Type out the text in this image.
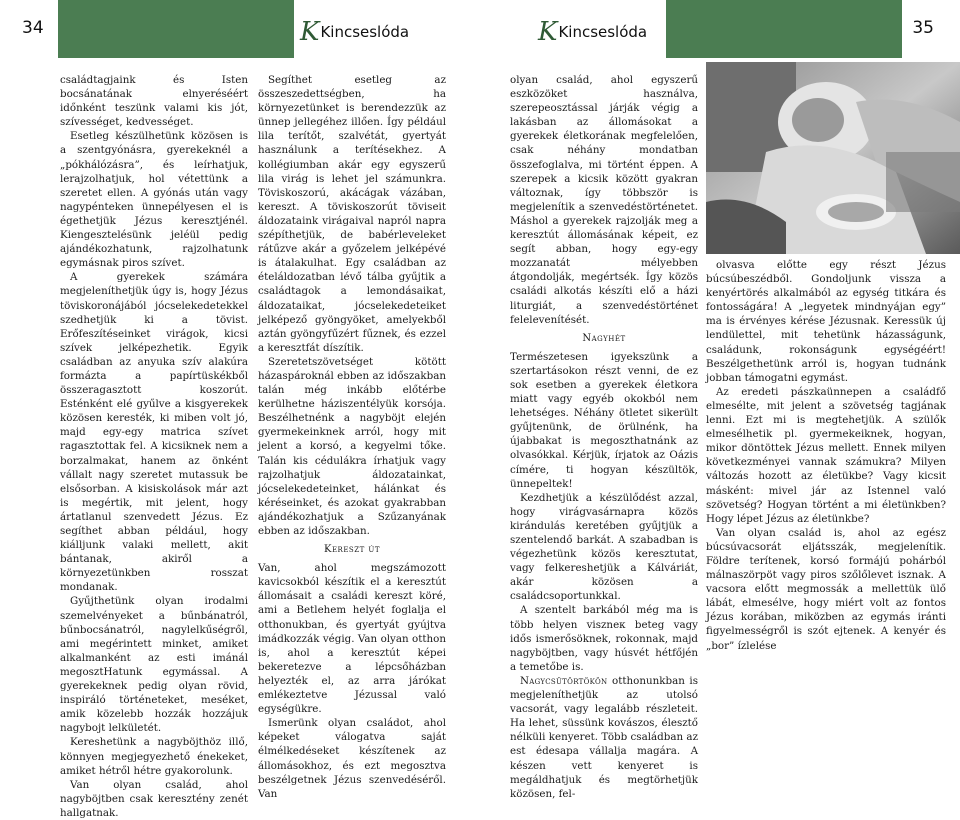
34	KKincseslóda	KKincseslóda	35

családtagjaink és Isten bocsánatának elnyeréséért időnként teszünk valami kis jót, szívességet, kedvességet.

Esetleg készülhetünk közösen is a szentgyónásra, gyerekeknél a „pókhálózásra”, és leírhatjuk, lerajzolhatjuk, hol vétettünk a szeretet ellen. A gyónás után vagy nagypénteken ünnepélyesen el is égethetjük Jézus keresztjénél. Kiengesztelésünk jeléül pedig ajándékozhatunk, rajzolhatunk egymásnak piros szívet.

A gyerekek számára megjeleníthetjük úgy is, hogy Jézus töviskoronájából jócselekedetekkel szedhetjük ki a tövist. Erőfeszítéseinket virágok, kicsi szívek jelképezhetik. Egyik családban az anyuka szív alakúra formázta a papírtüskékből összeragasztott koszorút. Esténként elé gyűlve a kisgyerekek közösen keresték, ki miben volt jó, majd egy-egy matrica szívet ragasztottak fel. A kicsiknek nem a borzalmakat, hanem az önként vállalt nagy szeretet mutassuk be elsősorban. A kisiskolások már azt is megértik, mit jelent, hogy ártatlanul szenvedett Jézus. Ez segíthet abban például, hogy kiálljunk valaki mellett, akit bántanak, akiről a környezetünkben rosszat mondanak.

Gyűjthetünk olyan irodalmi szemelvényeket a bűnbánatról, bűnbocsánatról, nagylelkűségről, ami megérintett minket, amiket alkalmanként az esti imánál megosztHatunk egymással. A gyerekeknek pedig olyan rövid, inspiráló történeteket, meséket, amik közelebb hozzák hozzájuk nagybojt lelkületét.

Kereshetünk a nagyböjthöz illő, könnyen megjegyezhető énekeket, amiket hétről hétre gyakorolunk.

Van olyan család, ahol nagyböjtben csak keresztény zenét hallgatnak.

Segíthet esetleg az összeszedettségben, ha környezetünket is berendezzük az ünnep jellegéhez illően. Így például lila terítőt, szalvétát, gyertyát használunk a terítésekhez. A kollégiumban akár egy egyszerű lila virág is lehet jel számunkra. Töviskoszorú, akácágak vázában, kereszt. A töviskoszorút töviseit áldozataink virágaival napról napra szépíthetjük, de babérleveleket rátűzve akár a győzelem jelképévé is átalakulhat. Egy családban az ételáldozatban lévő tálba gyűjtik a családtagok a lemondásaikat, áldozataikat, jócselekedeteiket jelképező gyöngyöket, amelyekből aztán gyöngyfűzért fűznek, és ezzel a keresztfát díszítik.

Szeretetszövetséget kötött házaspároknál ebben az időszakban talán még inkább előtérbe kerülhetne háziszentélyük korsója. Beszélhetnénk a nagyböjt elején gyermekeinknek arról, hogy mit jelent a korsó, a kegyelmi tőke. Talán kis cédulákra írhatjuk vagy rajzolhatjuk áldozatainkat, jócselekedeteinket, hálánkat és kéréseinket, és azokat gyakrabban ajándékozhatjuk a Szűzanyának ebben az időszakban.

Kereszt út

Van, ahol megszámozott kavicsokból készítik el a keresztút állomásait a családi kereszt köré, ami a Betlehem helyét foglalja el otthonukban, és gyertyát gyújtva imádkozzák végig. Van olyan otthon is, ahol a keresztút képei bekeretezve a lépcsőházban helyezték el, az arra járókat emlékeztetve Jézussal való egységükre.

Ismerünk olyan családot, ahol képeket válogatva saját élmélkedéseket készítenek az állomásokhoz, és ezt megosztva beszélgetnek Jézus szenvedéséről. Van

olyan család, ahol egyszerű eszközöket használva, szerepeosztással járják végig a lakásban az állomásokat a gyerekek életkorának megfelelően, csak néhány mondatban összefoglalva, mi történt éppen. A szerepek a kicsik között gyakran változnak, így többször is megjelenítik a szenvedéstörténetet. Máshol a gyerekek rajzolják meg a keresztút állomásának képeit, ez segít abban, hogy egy-egy mozzanatát mélyebben átgondolják, megértsék. Így közös családi alkotás készíti elő a házi liturgiát, a szenvedéstörténet felelevenítését.

Nagyhét

Természetesen igyekszünk a szertartásokon részt venni, de ez sok esetben a gyerekek életkora miatt vagy egyéb okokból nem lehetséges. Néhány ötletet sikerült gyűjtenünk, de örülnénk, ha újabbakat is megoszthatnánk az olvasókkal. Kérjük, írjatok az Oázis címére, ti hogyan készültök, ünnepeltek!

Kezdhetjük a készülődést azzal, hogy virágvasárnapra közös kirándulás keretében gyűjtjük a szentelendő barkát. A szabadban is végezhetünk közös keresztutat, vagy felkereshetjük a Kálváriát, akár közösen a családcsoportunkkal.

A szentelt barkából még ma is több helyen viszneк beteg vagy idős ismerősöknek, rokonnak, majd nagyböjtben, vagy húsvét hétfőjén a temetőbe is.

Nagycsütörtökön otthonunkban is megjeleníthetjük az utolsó vacsorát, vagy legalább részleteit. Ha lehet, süssünk kovászos, élesztő nélküli kenyeret. Több családban az est édesapa vállalja magára. A készen vett kenyeret is megáldhatjuk és megtörhetjük közösen, fel-

olvasva előtte egy részt Jézus búcsúbeszédből. Gondoljunk vissza a kenyértörés alkalmából az egység titkára és fontosságára! A „legyetek mindnyájan egy” ma is érvényes kérése Jézusnak. Keressük új lendülettel, mit tehetünk házasságunk, családunk, rokonságunk egységéért! Beszélgethetünk arról is, hogyan tudnánk jobban támogatni egymást.

Az eredeti pászkaünnepen a családfő elmesélte, mit jelent a szövetség tagjának lenni. Ezt mi is megtehetjük. A szülők elmesélhetik pl. gyermekeiknek, hogyan, mikor döntöttek Jézus mellett. Ennek milyen következményei vannak számukra? Milyen változás hozott az életükbe? Vagy kicsit másként: mivel jár az Istennel való szövetség? Hogyan történt a mi életünkben? Hogy lépet Jézus az életünkbe?

Van olyan család is, ahol az egész búcsúvacsorát eljátsszák, megjelenítik. Földre terítenek, korsó formájú pohárból málnaszörpöt vagy piros szőlőlevet isznak. A vacsora előtt megmossák a mellettük ülő lábát, elmesélve, hogy miért volt az fontos Jézus korában, miközben az egymás iránti figyelmességről is szót ejtenek. A kenyér és „bor” ízlelése
